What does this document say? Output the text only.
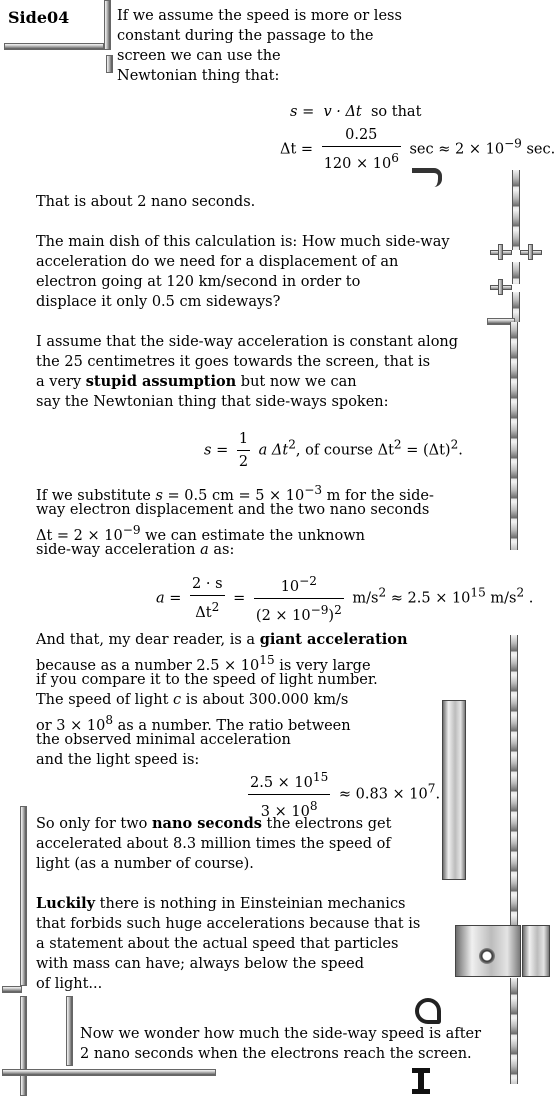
Side04	If we assume the speed is more or less
constant during the passage to the
screen we can use the
Newtonian thing that:
s = v · Δt so that
$\Delta t = \frac{0.25}{120 \times 10^6}$ $\sec \approx 2 \times 10^{-9}$ sec.
That is about 2 nano seconds.
The main dish of this calculation is: How much side-way
acceleration do we need for a displacement of an
electron going at 120 km/second in order to
displace it only 0.5 cm sideways?
I assume that the side-way acceleration is constant along
the 25 centimetres it goes towards the screen, that is
a very stupid assumption but now we can
say the Newtonian thing that side-ways spoken:
$s = \frac{1}{2}$ a $\Delta t^2$, of course $\Delta t^2 = (\Delta t)^2$.
If we substitute s = 0.5 cm = $5 \times 10^{-3}$ m for the side-
way electron displacement and the two nano seconds
$\Delta t = 2 \times 10^{-9}$ we can estimate the unknown
side-way acceleration a as:
$a = \frac{2 \cdot s}{\Delta t^2} = \frac{10^{-2}}{(2 \times 10^{-9})^2} m/s^2 \approx 2.5 \times 10^{15}$ $m/s^2$ .
And that, my dear reader, is a giant acceleration
because as a number $2.5 \times 10^{15}$ is very large
if you compare it to the speed of light number.
The speed of light c is about 300.000 km/s
or $3 \times 10^8$ as a number. The ratio between
the observed minimal acceleration
and the light speed is:
$\frac{2.5 \times 10^{15}}{3 \times 10^8} \approx 0.83 \times 10^7$.
So only for two nano seconds the electrons get
accelerated about 8.3 million times the speed of
light (as a number of course).
Luckily there is nothing in Einsteinian mechanics
that forbids such huge accelerations because that is
a statement about the actual speed that particles
with mass can have; always below the speed
of light...
Now we wonder how much the side-way speed is after
2 nano seconds when the electrons reach the screen.
